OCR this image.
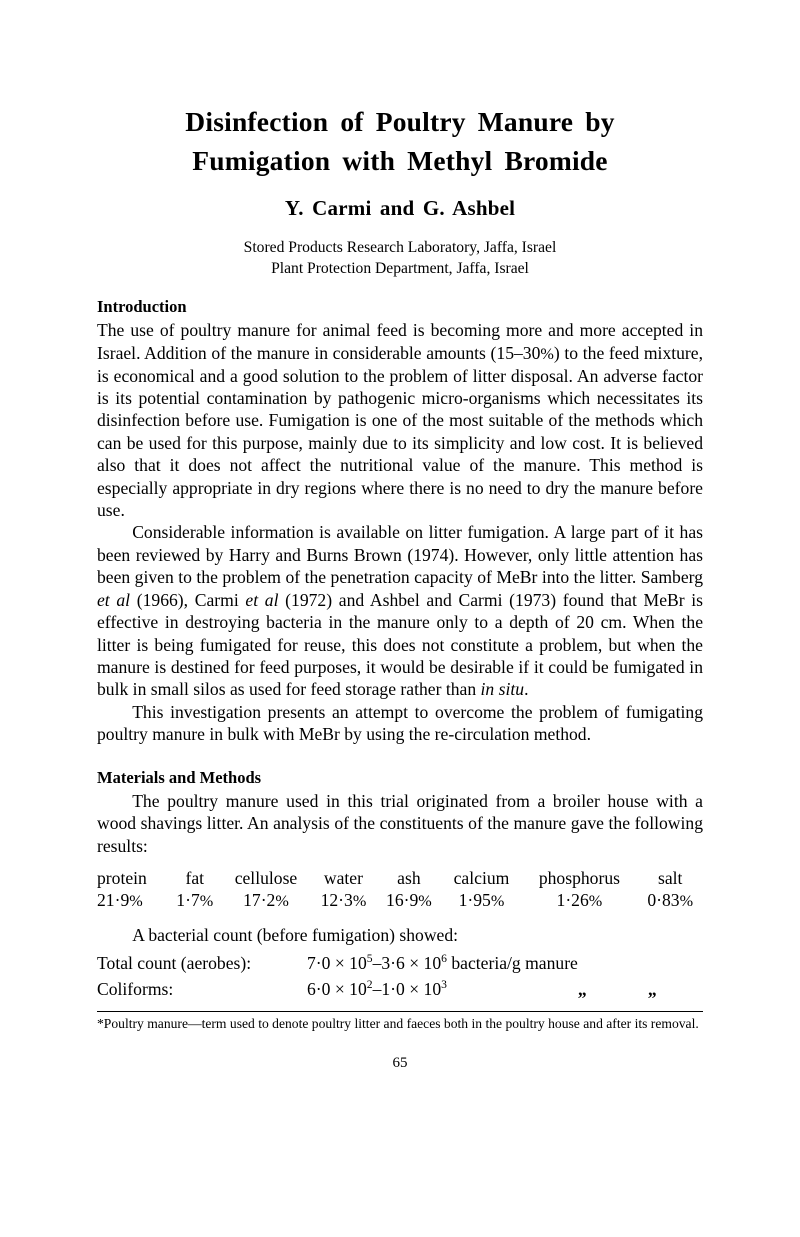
Disinfection of Poultry Manure by
Fumigation with Methyl Bromide
Y. Carmi and G. Ashbel
Stored Products Research Laboratory, Jaffa, Israel
Plant Protection Department, Jaffa, Israel
Introduction

The use of poultry manure for animal feed is becoming more and more accepted in Israel. Addition of the manure in considerable amounts (15–30%) to the feed mixture, is economical and a good solution to the problem of litter disposal. An adverse factor is its potential contamination by pathogenic micro-organisms which necessitates its disinfection before use. Fumigation is one of the most suitable of the methods which can be used for this purpose, mainly due to its simplicity and low cost. It is believed also that it does not affect the nutritional value of the manure. This method is especially appropriate in dry regions where there is no need to dry the manure before use.

Considerable information is available on litter fumigation. A large part of it has been reviewed by Harry and Burns Brown (1974). However, only little attention has been given to the problem of the penetration capacity of MeBr into the litter. Samberg et al (1966), Carmi et al (1972) and Ashbel and Carmi (1973) found that MeBr is effective in destroying bacteria in the manure only to a depth of 20 cm. When the litter is being fumigated for reuse, this does not constitute a problem, but when the manure is destined for feed purposes, it would be desirable if it could be fumigated in bulk in small silos as used for feed storage rather than in situ.

This investigation presents an attempt to overcome the problem of fumigating poultry manure in bulk with MeBr by using the re-circulation method.

Materials and Methods

The poultry manure used in this trial originated from a broiler house with a wood shavings litter. An analysis of the constituents of the manure gave the following results:

protein	fat	cellulose	water	ash	calcium	phosphorus	salt
21·9%	1·7%	17·2%	12·3%	16·9%	1·95%	1·26%	0·83%

A bacterial count (before fumigation) showed:

Total count (aerobes):	$7\cdot 0 \times 10^5-3\cdot 6 \times 10^6$ bacteria/g manure		
Coliforms:	$6\cdot 0 \times 10^2-1\cdot 0 \times 10^3$	„	„

*Poultry manure—term used to denote poultry litter and faeces both in the poultry house and after its removal.

65
